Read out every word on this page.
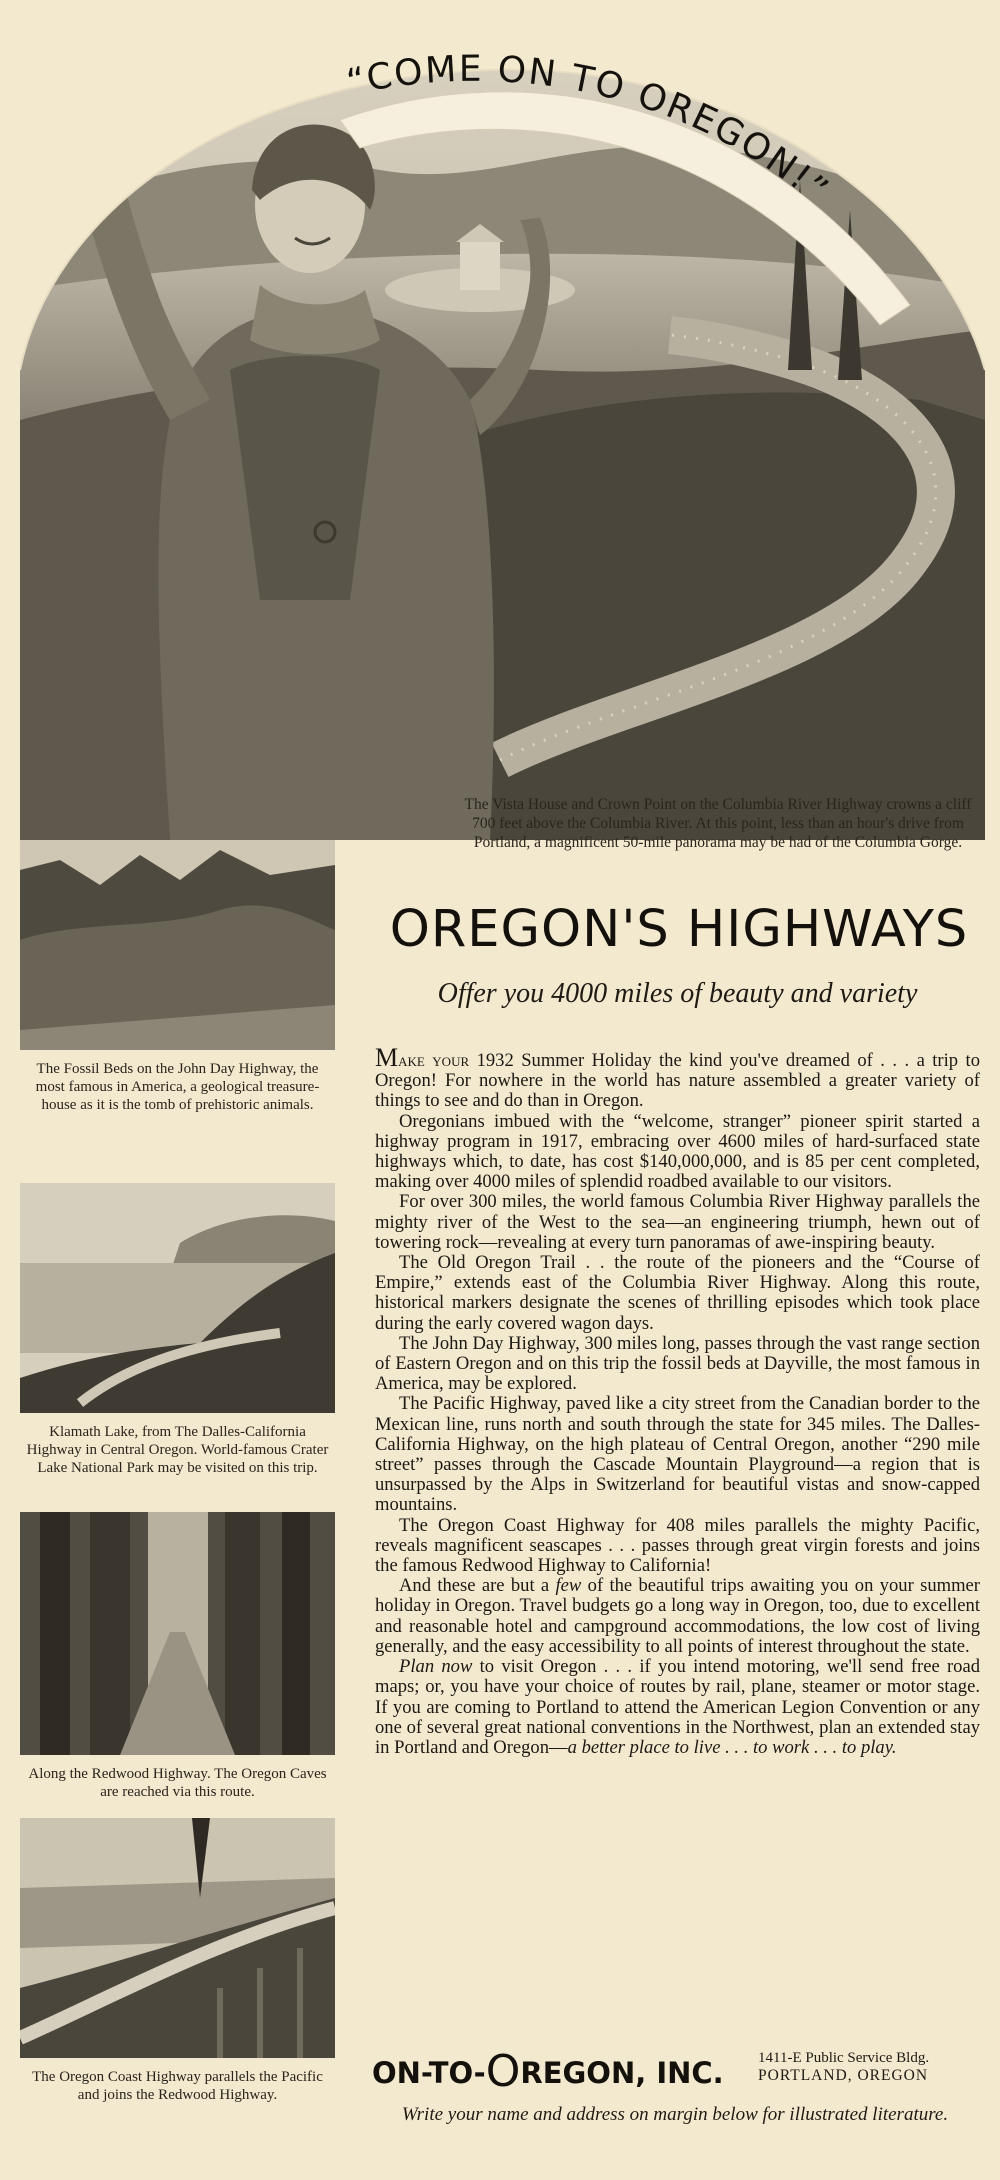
“COME ON TO OREGON!”
The Vista House and Crown Point on the Columbia River Highway crowns a cliff 700 feet above the Columbia River. At this point, less than an hour's drive from Portland, a magnificent 50-mile panorama may be had of the Columbia Gorge.
The Fossil Beds on the John Day Highway, the most famous in America, a geological treasure-house as it is the tomb of prehistoric animals.
Klamath Lake, from The Dalles-California Highway in Central Oregon. World-famous Crater Lake National Park may be visited on this trip.
Along the Redwood Highway. The Oregon Caves are reached via this route.
The Oregon Coast Highway parallels the Pacific and joins the Redwood Highway.
OREGON'S HIGHWAYS
Offer you 4000 miles of beauty and variety

Make your 1932 Summer Holiday the kind you've dreamed of . . . a trip to Oregon! For nowhere in the world has nature assembled a greater variety of things to see and do than in Oregon.

Oregonians imbued with the “welcome, stranger” pioneer spirit started a highway program in 1917, embracing over 4600 miles of hard-surfaced state highways which, to date, has cost $140,000,000, and is 85 per cent completed, making over 4000 miles of splendid roadbed available to our visitors.

For over 300 miles, the world famous Columbia River Highway parallels the mighty river of the West to the sea—an engineering triumph, hewn out of towering rock—revealing at every turn panoramas of awe-inspiring beauty.

The Old Oregon Trail . . the route of the pioneers and the “Course of Empire,” extends east of the Columbia River Highway. Along this route, historical markers designate the scenes of thrilling episodes which took place during the early covered wagon days.

The John Day Highway, 300 miles long, passes through the vast range section of Eastern Oregon and on this trip the fossil beds at Dayville, the most famous in America, may be explored.

The Pacific Highway, paved like a city street from the Canadian border to the Mexican line, runs north and south through the state for 345 miles. The Dalles-California Highway, on the high plateau of Central Oregon, another “290 mile street” passes through the Cascade Mountain Playground—a region that is unsurpassed by the Alps in Switzerland for beautiful vistas and snow-capped mountains.

The Oregon Coast Highway for 408 miles parallels the mighty Pacific, reveals magnificent seascapes . . . passes through great virgin forests and joins the famous Redwood Highway to California!

And these are but a few of the beautiful trips awaiting you on your summer holiday in Oregon. Travel budgets go a long way in Oregon, too, due to excellent and reasonable hotel and campground accommodations, the low cost of living generally, and the easy accessibility to all points of interest throughout the state.

Plan now to visit Oregon . . . if you intend motoring, we'll send free road maps; or, you have your choice of routes by rail, plane, steamer or motor stage. If you are coming to Portland to attend the American Legion Convention or any one of several great national conventions in the Northwest, plan an extended stay in Portland and Oregon—a better place to live . . . to work . . . to play.

ON-TO-OREGON, INC.	1411-E Public Service Bldg.
PORTLAND, OREGON
Write your name and address on margin below for illustrated literature.
